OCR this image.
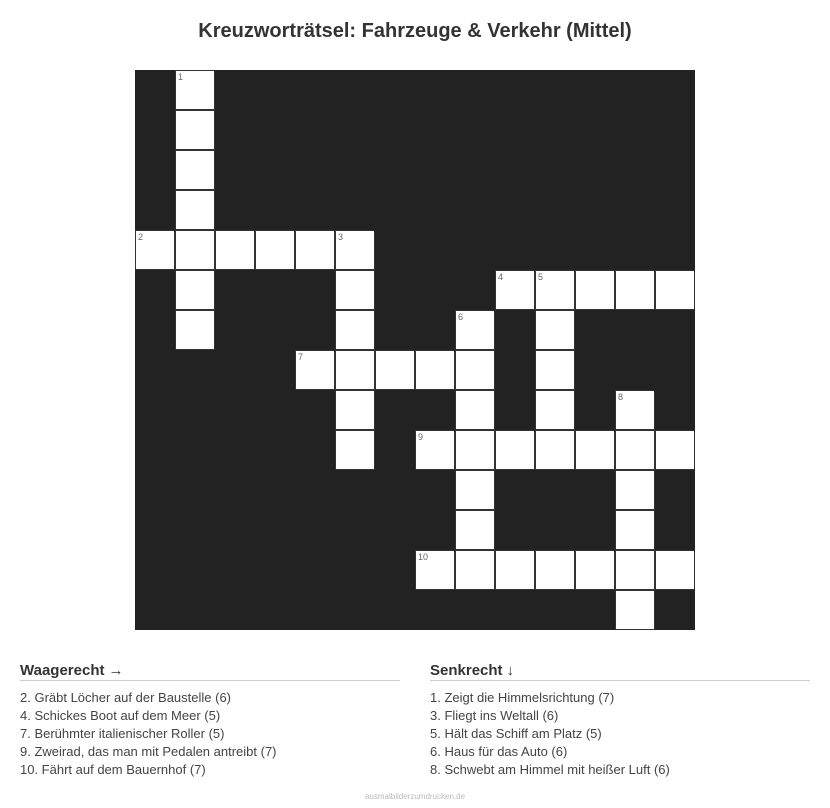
Kreuzworträtsel: Fahrzeuge & Verkehr (Mittel)
1
2	3
4	5
6
7
8
9
10
Waagerecht →
2. Gräbt Löcher auf der Baustelle (6)
4. Schickes Boot auf dem Meer (5)
7. Berühmter italienischer Roller (5)
9. Zweirad, das man mit Pedalen antreibt (7)
10. Fährt auf dem Bauernhof (7)
Senkrecht ↓
1. Zeigt die Himmelsrichtung (7)
3. Fliegt ins Weltall (6)
5. Hält das Schiff am Platz (5)
6. Haus für das Auto (6)
8. Schwebt am Himmel mit heißer Luft (6)
ausmalbilderzumdrucken.de
